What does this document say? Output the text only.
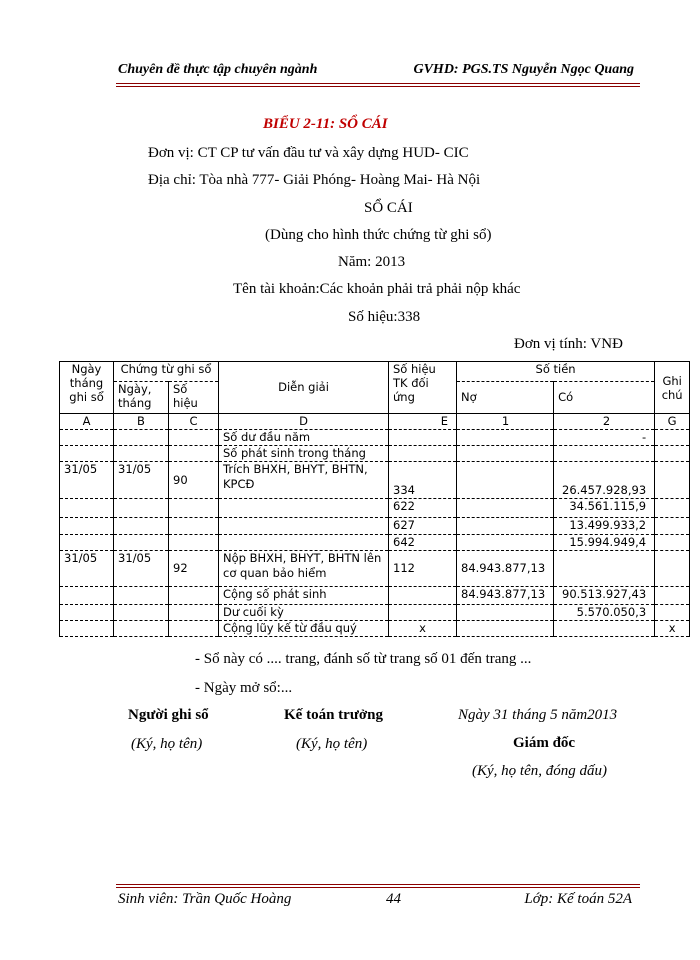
Chuyên đề thực tập chuyên ngành	GVHD: PGS.TS Nguyễn Ngọc Quang
BIỂU 2-11: SỔ CÁI
Đơn vị: CT CP tư vấn đầu tư và xây dựng HUD- CIC
Địa chỉ: Tòa nhà 777- Giải Phóng- Hoàng Mai- Hà Nội
SỔ CÁI
(Dùng cho hình thức chứng từ ghi sổ)
Năm: 2013
Tên tài khoản:Các khoản phải trả phải nộp khác
Số hiệu:338
Đơn vị tính: VNĐ
Ngày tháng ghi sổ	Chứng từ ghi sổ		Diễn giải	Số hiệu TK đối ứng	Số tiền		Ghi chú
	Ngày, tháng	Số hiệu			Nợ	Có	
A	B	C	D	E	1	2	G
			Số dư đầu năm			-	
			Số phát sinh trong tháng				
31/05	31/05	90	Trích BHXH, BHYT, BHTN, KPCĐ	334		26.457.928,93	
				622		34.561.115,9	
				627		13.499.933,2	
				642		15.994.949,4	
31/05	31/05	92	Nộp BHXH, BHYT, BHTN lên cơ quan bảo hiểm	112	84.943.877,13		
			Cộng số phát sinh		84.943.877,13	90.513.927,43	
			Dư cuối kỳ			5.570.050,3	
			Cộng lũy kế từ đầu quý	x			x
- Sổ này có .... trang, đánh số từ trang số 01 đến trang ...
- Ngày mở sổ:...
Người ghi sổ
(Ký, họ tên)
Kế toán trưởng
(Ký, họ tên)
Ngày 31 tháng 5 năm2013
Giám đốc
(Ký, họ tên, đóng dấu)
Sinh viên: Trần Quốc Hoàng	44	Lớp: Kế toán 52A
